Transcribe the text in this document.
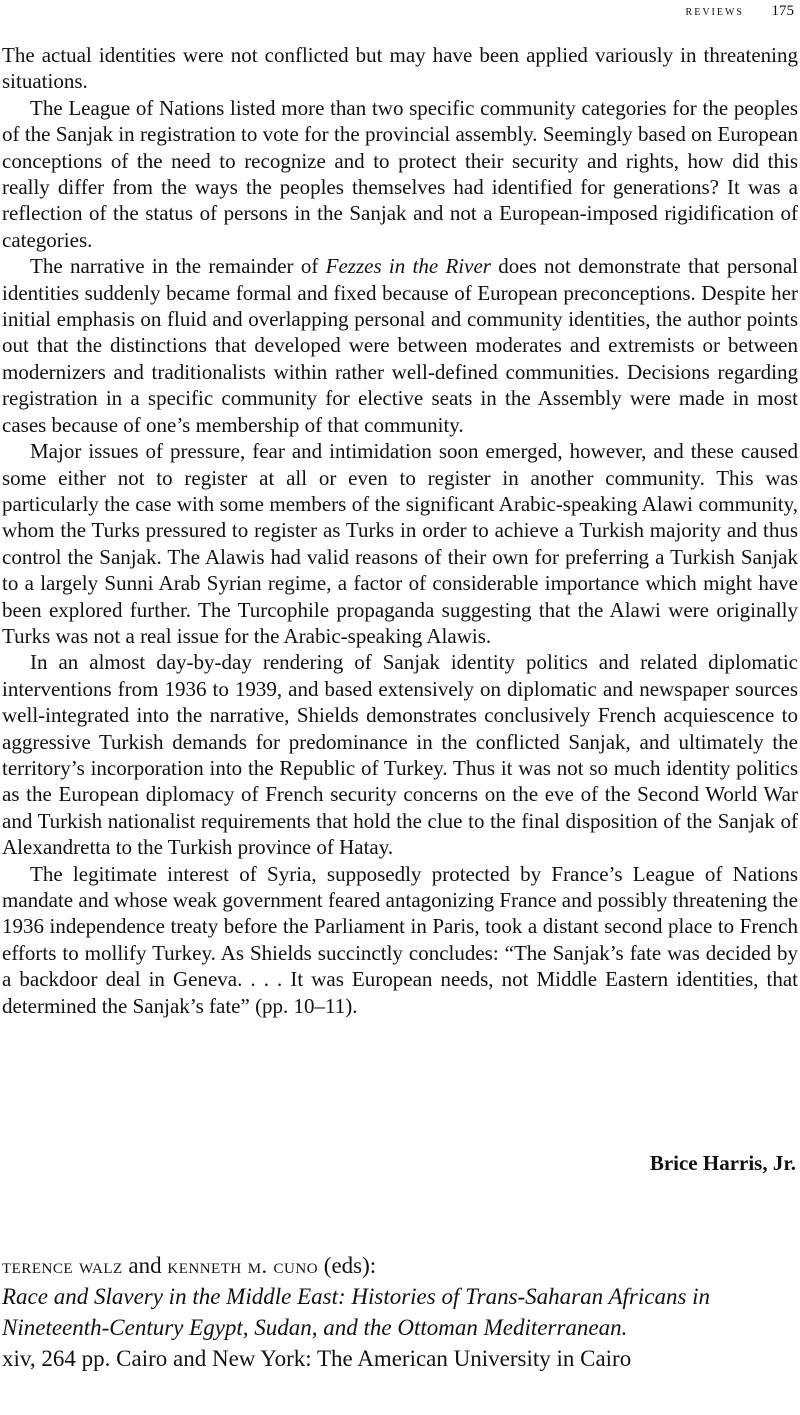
reviews 175

The actual identities were not conflicted but may have been applied variously in threatening situations.

The League of Nations listed more than two specific community categories for the peoples of the Sanjak in registration to vote for the provincial assembly. Seemingly based on European conceptions of the need to recognize and to protect their security and rights, how did this really differ from the ways the peoples themselves had identified for generations? It was a reflection of the status of persons in the Sanjak and not a European-imposed rigidification of categories.

The narrative in the remainder of Fezzes in the River does not demonstrate that personal identities suddenly became formal and fixed because of European preconceptions. Despite her initial emphasis on fluid and overlapping personal and community identities, the author points out that the distinctions that developed were between moderates and extremists or between modernizers and traditionalists within rather well-defined communities. Decisions regarding registration in a specific community for elective seats in the Assembly were made in most cases because of one’s membership of that community.

Major issues of pressure, fear and intimidation soon emerged, however, and these caused some either not to register at all or even to register in another community. This was particularly the case with some members of the significant Arabic-speaking Alawi community, whom the Turks pressured to register as Turks in order to achieve a Turkish majority and thus control the Sanjak. The Alawis had valid reasons of their own for preferring a Turkish Sanjak to a largely Sunni Arab Syrian regime, a factor of considerable importance which might have been explored further. The Turcophile propaganda suggesting that the Alawi were originally Turks was not a real issue for the Arabic-speaking Alawis.

In an almost day-by-day rendering of Sanjak identity politics and related diplomatic interventions from 1936 to 1939, and based extensively on diplomatic and newspaper sources well-integrated into the narrative, Shields demonstrates conclusively French acquiescence to aggressive Turkish demands for predominance in the conflicted Sanjak, and ultimately the territory’s incorporation into the Republic of Turkey. Thus it was not so much identity politics as the European diplomacy of French security concerns on the eve of the Second World War and Turkish nationalist requirements that hold the clue to the final disposition of the Sanjak of Alexandretta to the Turkish province of Hatay.

The legitimate interest of Syria, supposedly protected by France’s League of Nations mandate and whose weak government feared antagonizing France and possibly threatening the 1936 independence treaty before the Parliament in Paris, took a distant second place to French efforts to mollify Turkey. As Shields succinctly concludes: “The Sanjak’s fate was decided by a backdoor deal in Geneva. . . . It was European needs, not Middle Eastern identities, that determined the Sanjak’s fate” (pp. 10–11).

Brice Harris, Jr.
terence walz and kenneth m. cuno (eds):
Race and Slavery in the Middle East: Histories of Trans-Saharan Africans in Nineteenth-Century Egypt, Sudan, and the Ottoman Mediterranean.
xiv, 264 pp. Cairo and New York: The American University in Cairo
